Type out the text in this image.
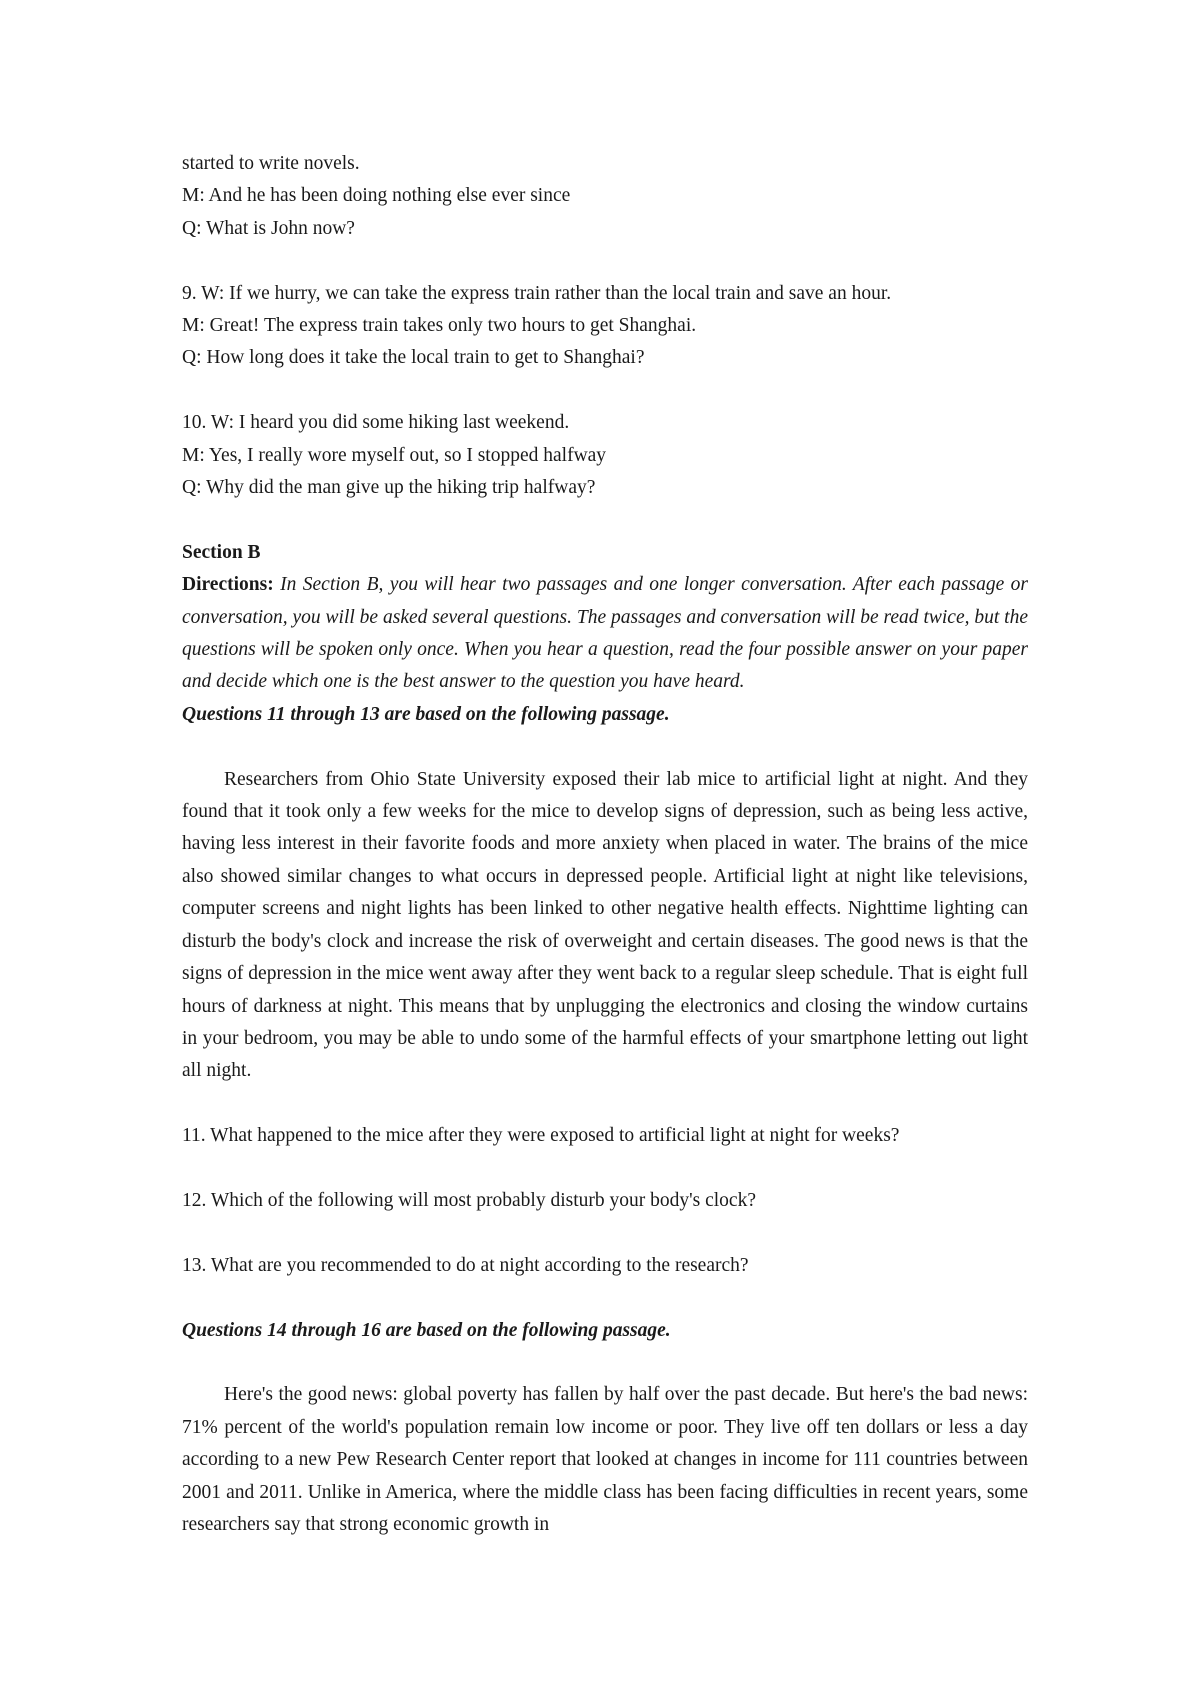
started to write novels.
M: And he has been doing nothing else ever since
Q: What is John now?
9. W: If we hurry, we can take the express train rather than the local train and save an hour.
M: Great! The express train takes only two hours to get Shanghai.
Q: How long does it take the local train to get to Shanghai?
10. W: I heard you did some hiking last weekend.
M: Yes, I really wore myself out, so I stopped halfway
Q: Why did the man give up the hiking trip halfway?
Section B

Directions: In Section B, you will hear two passages and one longer conversation. After each passage or conversation, you will be asked several questions. The passages and conversation will be read twice, but the questions will be spoken only once. When you hear a question, read the four possible answer on your paper and decide which one is the best answer to the question you have heard.

Questions 11 through 13 are based on the following passage.

Researchers from Ohio State University exposed their lab mice to artificial light at night. And they found that it took only a few weeks for the mice to develop signs of depression, such as being less active, having less interest in their favorite foods and more anxiety when placed in water. The brains of the mice also showed similar changes to what occurs in depressed people. Artificial light at night like televisions, computer screens and night lights has been linked to other negative health effects. Nighttime lighting can disturb the body's clock and increase the risk of overweight and certain diseases. The good news is that the signs of depression in the mice went away after they went back to a regular sleep schedule. That is eight full hours of darkness at night. This means that by unplugging the electronics and closing the window curtains in your bedroom, you may be able to undo some of the harmful effects of your smartphone letting out light all night.

11. What happened to the mice after they were exposed to artificial light at night for weeks?
12. Which of the following will most probably disturb your body's clock?
13. What are you recommended to do at night according to the research?
Questions 14 through 16 are based on the following passage.

Here's the good news: global poverty has fallen by half over the past decade. But here's the bad news: 71% percent of the world's population remain low income or poor. They live off ten dollars or less a day according to a new Pew Research Center report that looked at changes in income for 111 countries between 2001 and 2011. Unlike in America, where the middle class has been facing difficulties in recent years, some researchers say that strong economic growth in
